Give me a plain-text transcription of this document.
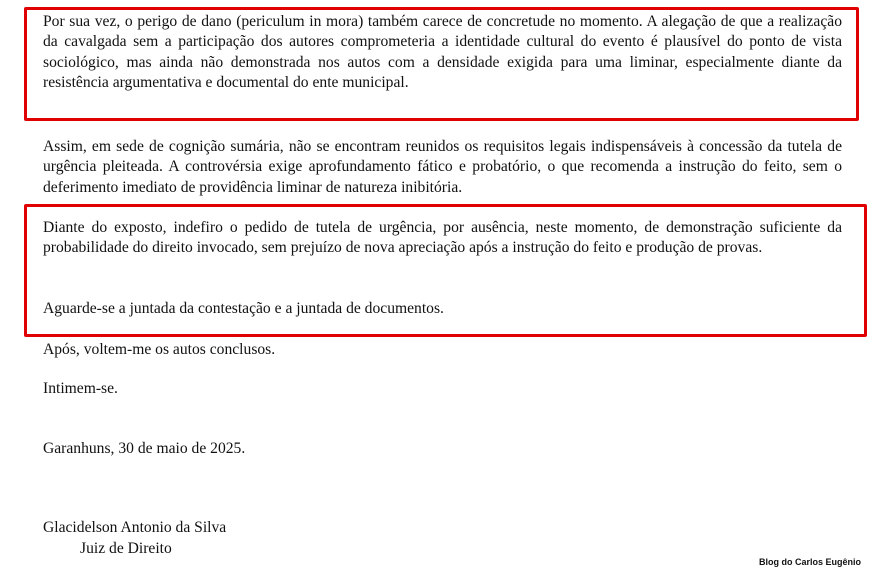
Por sua vez, o perigo de dano (periculum in mora) também carece de concretude no momento. A alegação de que a realização da cavalgada sem a participação dos autores comprometeria a identidade cultural do evento é plausível do ponto de vista sociológico, mas ainda não demonstrada nos autos com a densidade exigida para uma liminar, especialmente diante da resistência argumentativa e documental do ente municipal.

Assim, em sede de cognição sumária, não se encontram reunidos os requisitos legais indispensáveis à concessão da tutela de urgência pleiteada. A controvérsia exige aprofundamento fático e probatório, o que recomenda a instrução do feito, sem o deferimento imediato de providência liminar de natureza inibitória.

Diante do exposto, indefiro o pedido de tutela de urgência, por ausência, neste momento, de demonstração suficiente da probabilidade do direito invocado, sem prejuízo de nova apreciação após a instrução do feito e produção de provas.

Aguarde-se a juntada da contestação e a juntada de documentos.

Após, voltem-me os autos conclusos.

Intimem-se.

Garanhuns, 30 de maio de 2025.

Glacidelson Antonio da Silva

Juiz de Direito

Blog do Carlos Eugênio
